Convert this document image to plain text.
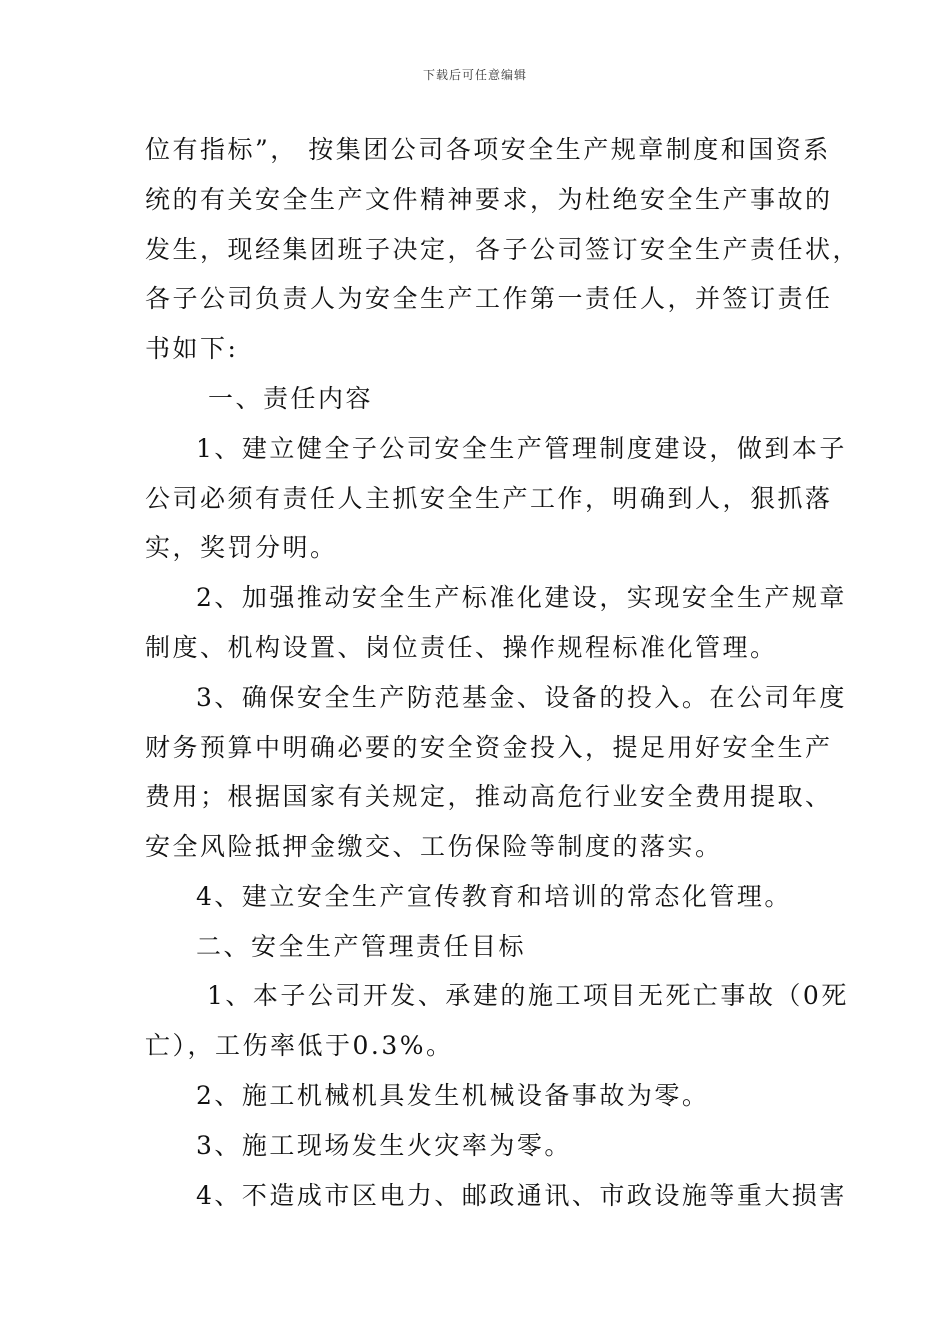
下载后可任意编辑
位有指标”， 按集团公司各项安全生产规章制度和国资系
统的有关安全生产文件精神要求，为杜绝安全生产事故的
发生，现经集团班子决定，各子公司签订安全生产责任状，
各子公司负责人为安全生产工作第一责任人，并签订责任
书如下:
一、责任内容
1、建立健全子公司安全生产管理制度建设，做到本子
公司必须有责任人主抓安全生产工作，明确到人，狠抓落
实，奖罚分明。
2、加强推动安全生产标准化建设，实现安全生产规章
制度、机构设置、岗位责任、操作规程标准化管理。
3、确保安全生产防范基金、设备的投入。在公司年度
财务预算中明确必要的安全资金投入，提足用好安全生产
费用；根据国家有关规定，推动高危行业安全费用提取、
安全风险抵押金缴交、工伤保险等制度的落实。
4、建立安全生产宣传教育和培训的常态化管理。
二、安全生产管理责任目标
1、本子公司开发、承建的施工项目无死亡事故（0死
亡），工伤率低于0.3%。
2、施工机械机具发生机械设备事故为零。
3、施工现场发生火灾率为零。
4、不造成市区电力、邮政通讯、市政设施等重大损害
